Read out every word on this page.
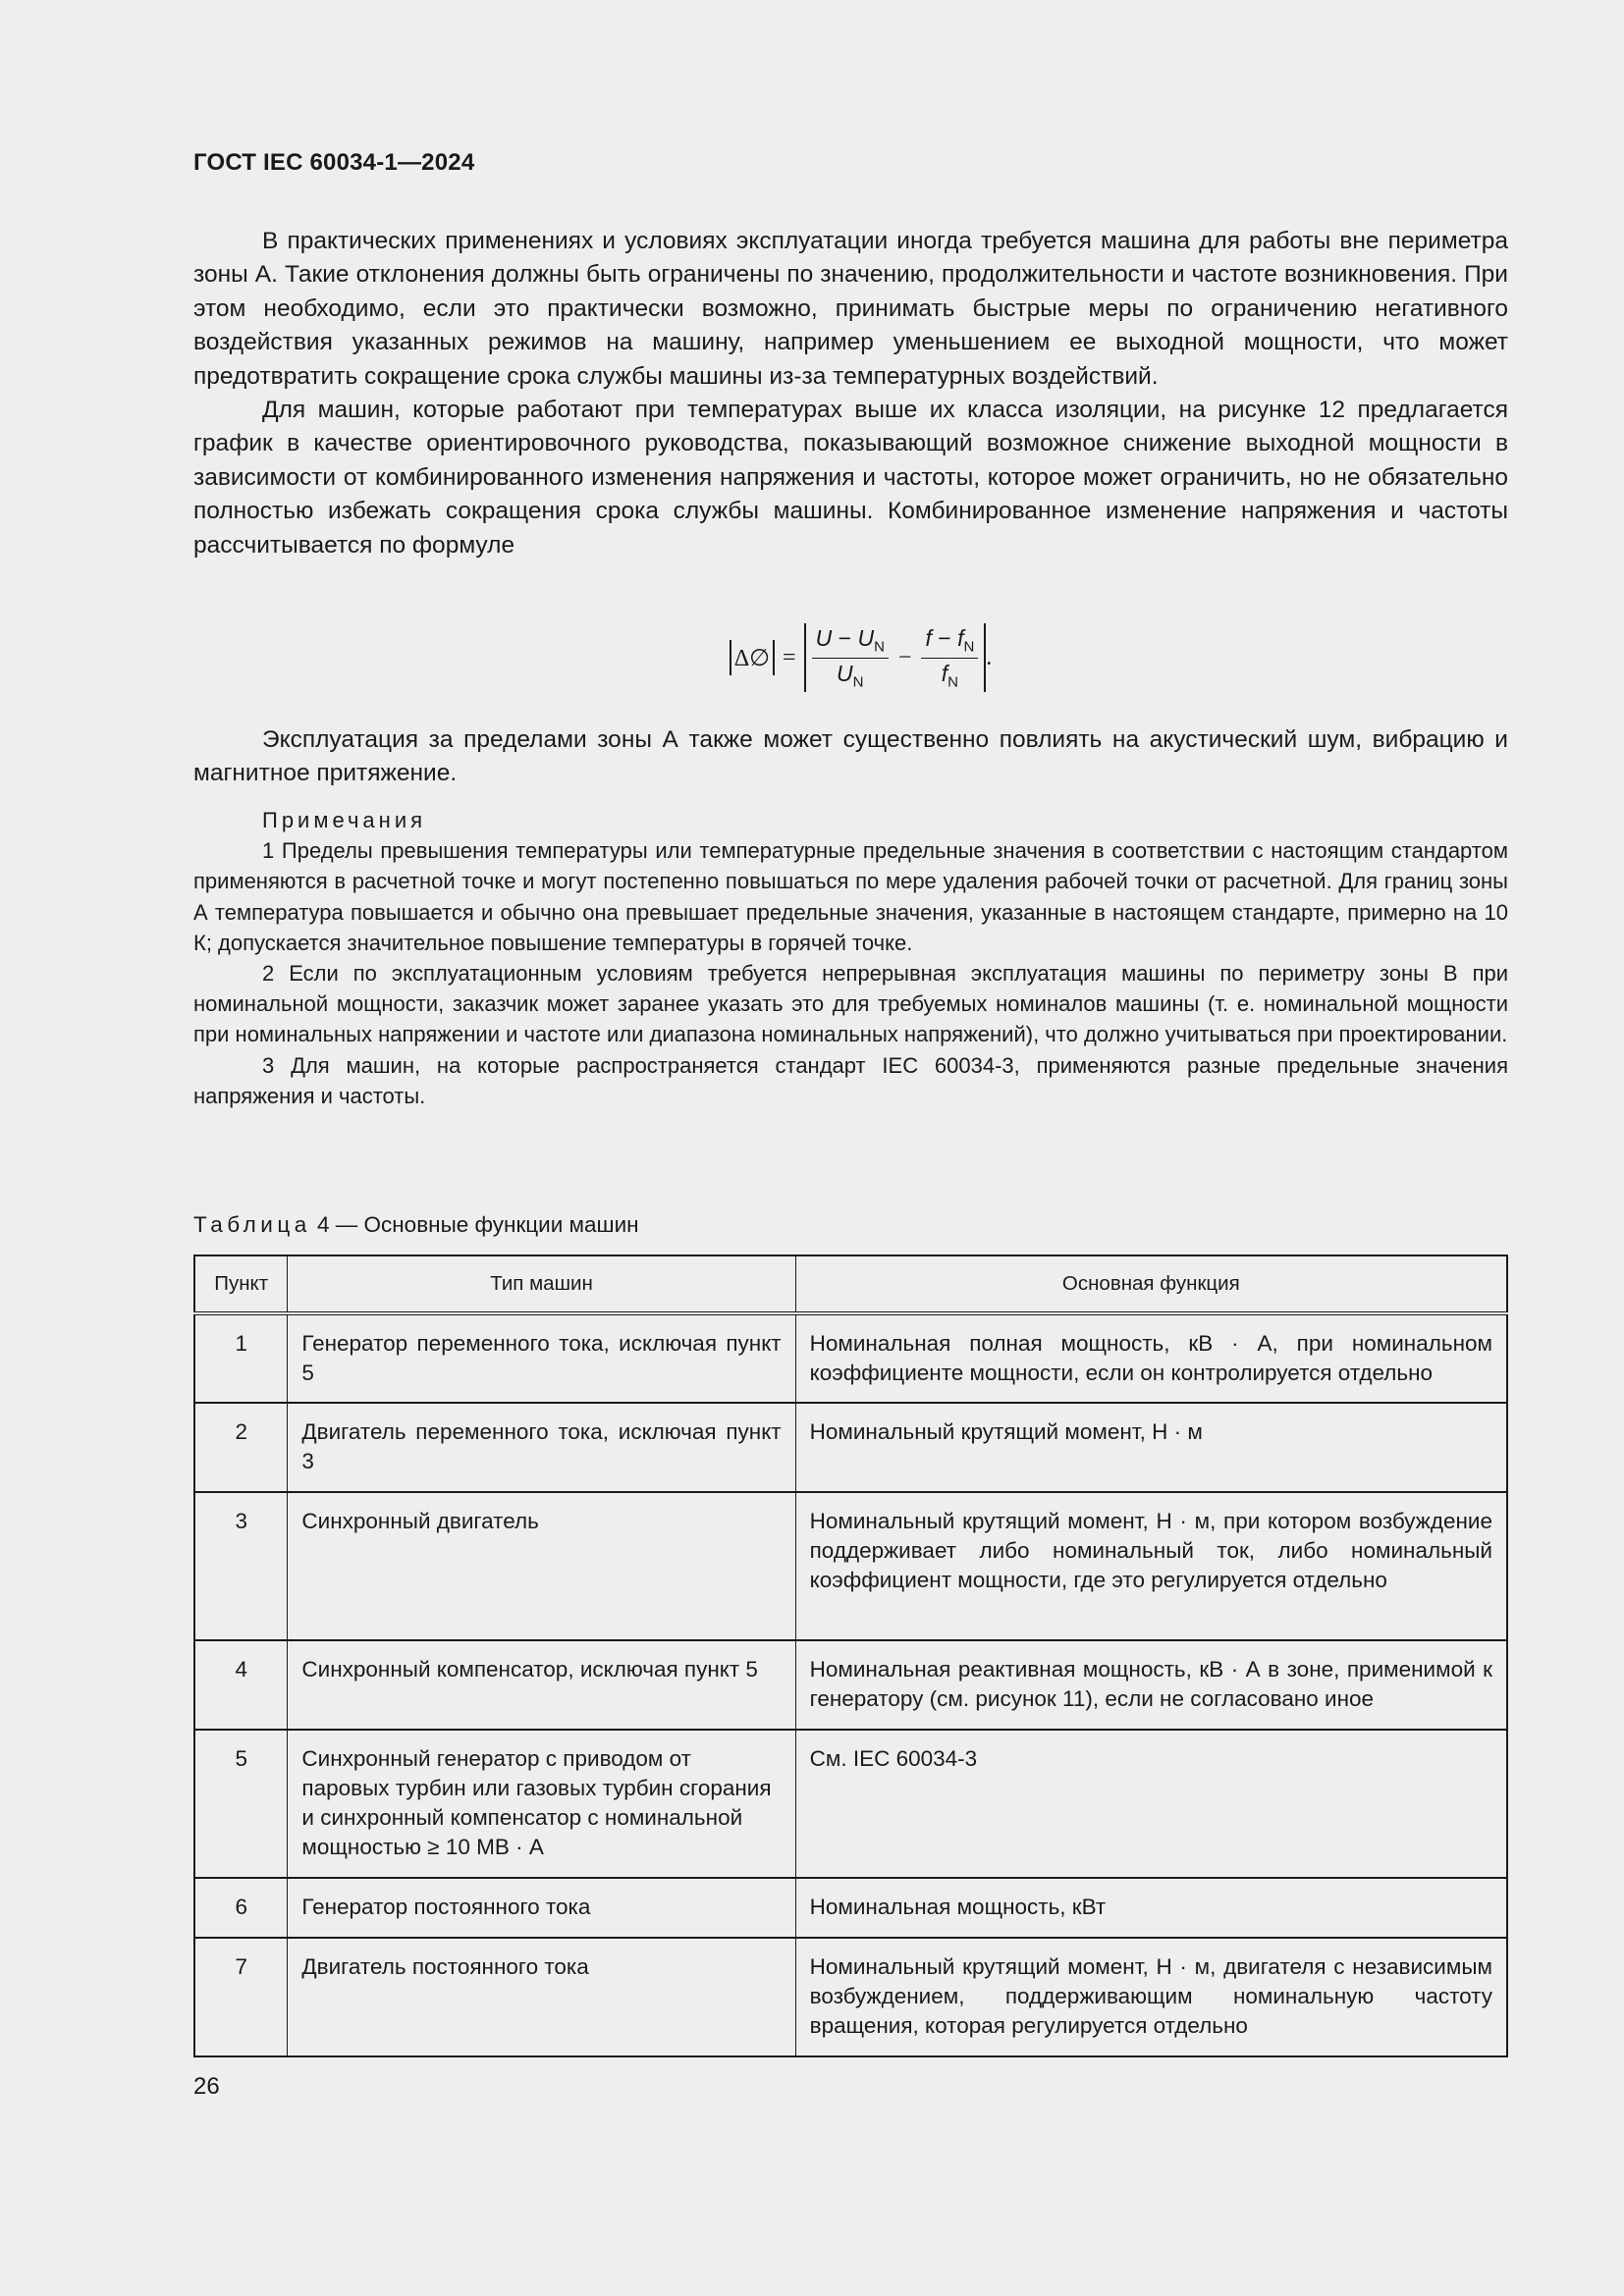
ГОСТ IEC 60034-1—2024

В практических применениях и условиях эксплуатации иногда требуется машина для работы вне периметра зоны А. Такие отклонения должны быть ограничены по значению, продолжительности и частоте возникновения. При этом необходимо, если это практически возможно, принимать быстрые меры по ограничению негативного воздействия указанных режимов на машину, например уменьшением ее выходной мощности, что может предотвратить сокращение срока службы машины из-за температурных воздействий.

Для машин, которые работают при температурах выше их класса изоляции, на рисунке 12 предлагается график в качестве ориентировочного руководства, показывающий возможное снижение выходной мощности в зависимости от комбинированного изменения напряжения и частоты, которое может ограничить, но не обязательно полностью избежать сокращения срока службы машины. Комбинированное изменение напряжения и частоты рассчитывается по формуле

Δ∅ = $\frac{U - U_N}{U_N} - \frac{f - f_N}{f_N}$ .

Эксплуатация за пределами зоны А также может существенно повлиять на акустический шум, вибрацию и магнитное притяжение.

Примечания

1 Пределы превышения температуры или температурные предельные значения в соответствии с настоящим стандартом применяются в расчетной точке и могут постепенно повышаться по мере удаления рабочей точки от расчетной. Для границ зоны А температура повышается и обычно она превышает предельные значения, указанные в настоящем стандарте, примерно на 10 К; допускается значительное повышение температуры в горячей точке.

2 Если по эксплуатационным условиям требуется непрерывная эксплуатация машины по периметру зоны В при номинальной мощности, заказчик может заранее указать это для требуемых номиналов машины (т. е. номинальной мощности при номинальных напряжении и частоте или диапазона номинальных напряжений), что должно учитываться при проектировании.

3 Для машин, на которые распространяется стандарт IEC 60034-3, применяются разные предельные значения напряжения и частоты.

Таблица 4 — Основные функции машин
Пункт	Тип машин	Основная функция
1	Генератор переменного тока, исключая пункт 5	Номинальная полная мощность, кВ · А, при номинальном коэффициенте мощности, если он контролируется отдельно
2	Двигатель переменного тока, исключая пункт 3	Номинальный крутящий момент, Н · м
3	Синхронный двигатель	Номинальный крутящий момент, Н · м, при котором возбуждение поддерживает либо номинальный ток, либо номинальный коэффициент мощности, где это регулируется отдельно
4	Синхронный компенсатор, исключая пункт 5	Номинальная реактивная мощность, кВ · А в зоне, применимой к генератору (см. рисунок 11), если не согласовано иное
5	Синхронный генератор с приводом от паровых турбин или газовых турбин сгорания и синхронный компенсатор с номинальной мощностью ≥ 10 МВ · А	См. IEC 60034-3
6	Генератор постоянного тока	Номинальная мощность, кВт
7	Двигатель постоянного тока	Номинальный крутящий момент, Н · м, двигателя с независимым возбуждением, поддерживающим номинальную частоту вращения, которая регулируется отдельно
26
